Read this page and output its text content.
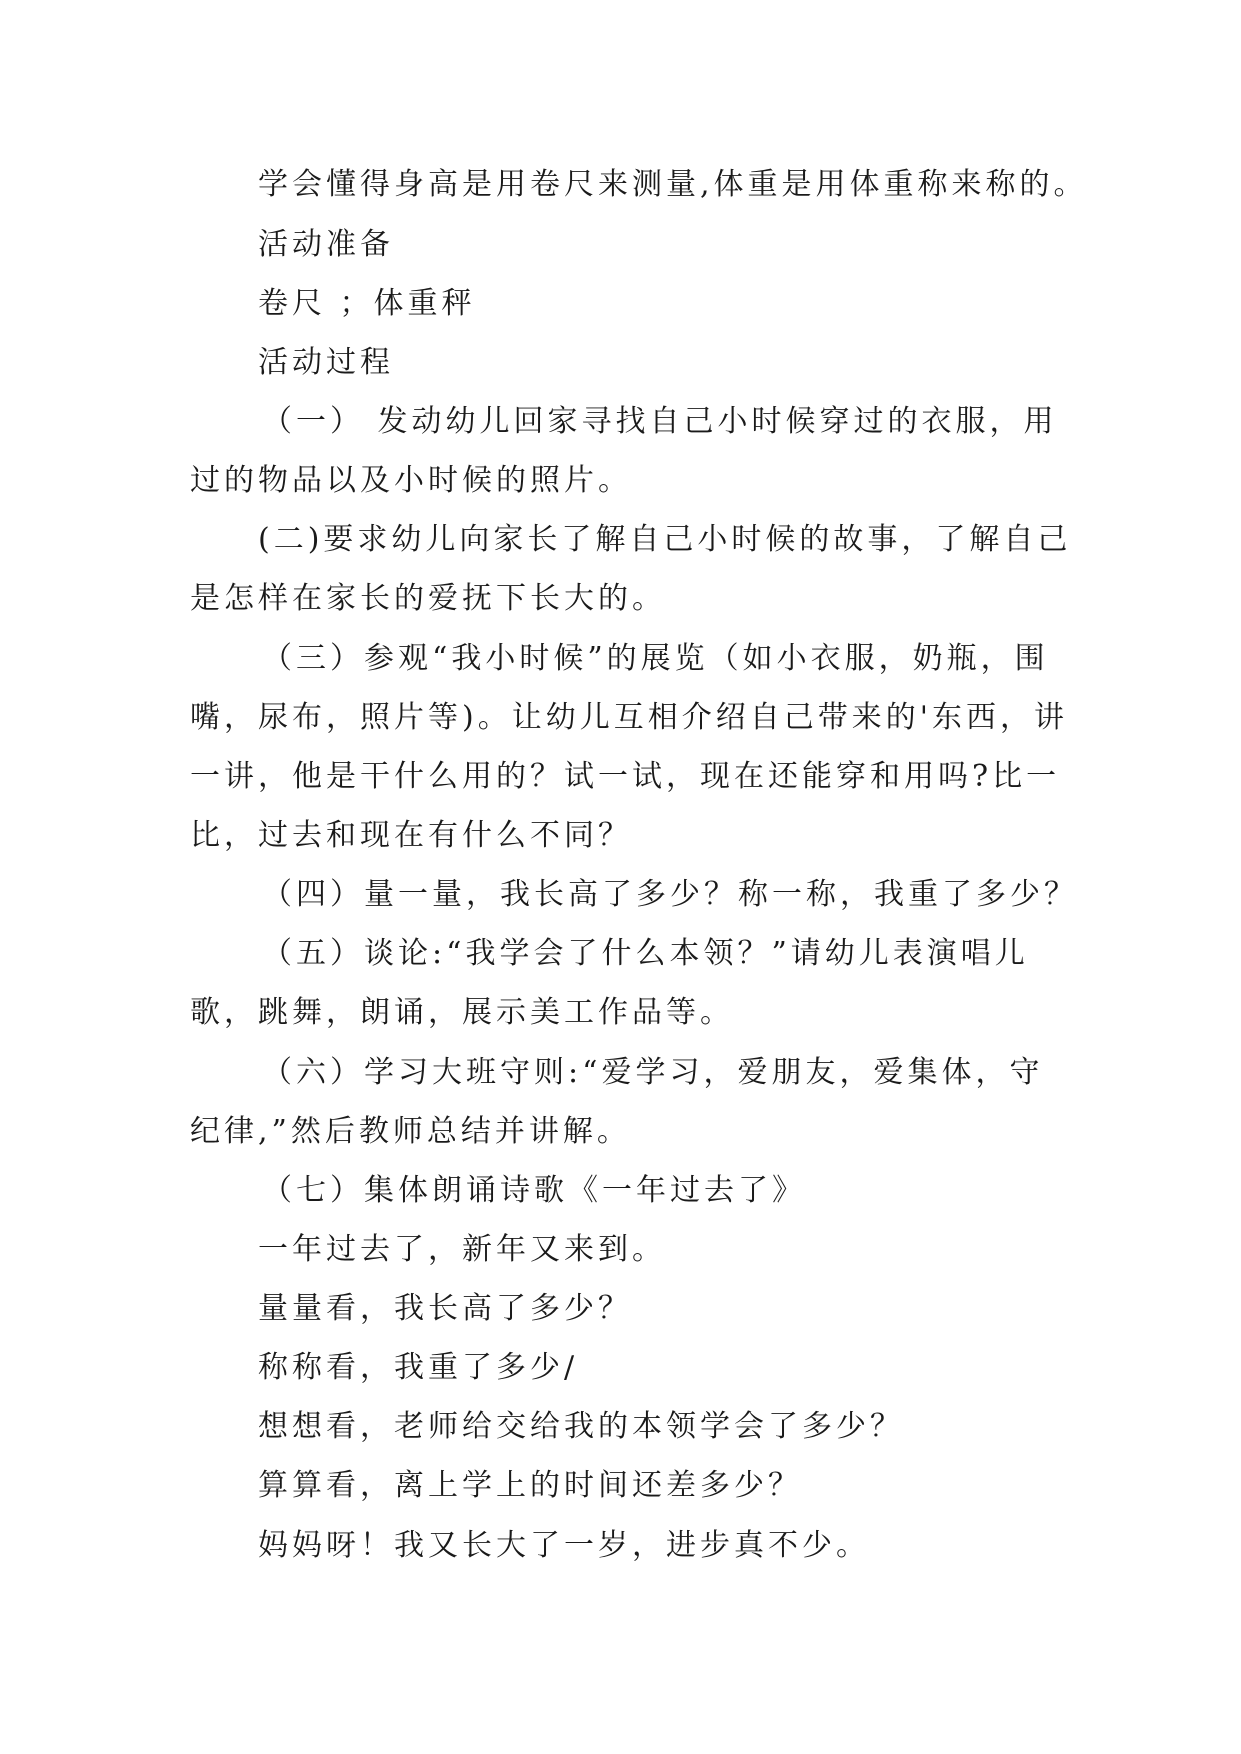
学会懂得身高是用卷尺来测量,体重是用体重称来称的。
活动准备
卷尺 ；体重秤
活动过程
（一） 发动幼儿回家寻找自己小时候穿过的衣服，用
过的物品以及小时候的照片。
(二)要求幼儿向家长了解自己小时候的故事，了解自己
是怎样在家长的爱抚下长大的。
（三）参观“我小时候”的展览（如小衣服，奶瓶，围
嘴，尿布，照片等)。让幼儿互相介绍自己带来的'东西，讲
一讲，他是干什么用的？试一试，现在还能穿和用吗?比一
比，过去和现在有什么不同？
（四）量一量，我长高了多少？称一称，我重了多少？
（五）谈论:“我学会了什么本领？”请幼儿表演唱儿
歌，跳舞，朗诵，展示美工作品等。
（六）学习大班守则:“爱学习，爱朋友，爱集体，守
纪律,”然后教师总结并讲解。
（七）集体朗诵诗歌《一年过去了》
一年过去了，新年又来到。
量量看，我长高了多少？
称称看，我重了多少/
想想看，老师给交给我的本领学会了多少？
算算看，离上学上的时间还差多少？
妈妈呀！我又长大了一岁，进步真不少。
